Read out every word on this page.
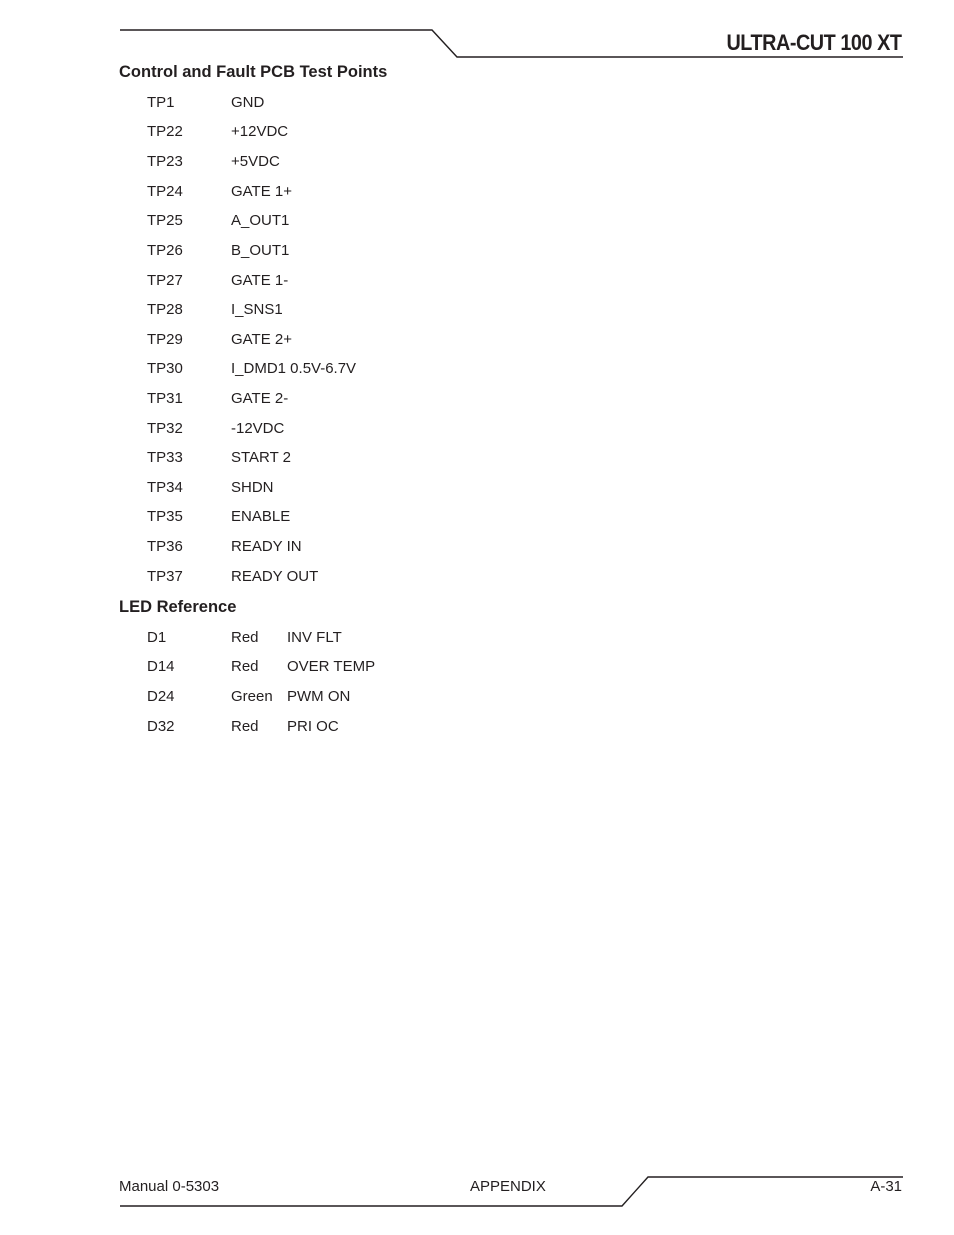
ULTRA-CUT 100 XT
Control and Fault PCB Test Points
TP1	GND
TP22	+12VDC
TP23	+5VDC
TP24	GATE 1+
TP25	A_OUT1
TP26	B_OUT1
TP27	GATE 1-
TP28	I_SNS1
TP29	GATE 2+
TP30	I_DMD1 0.5V-6.7V
TP31	GATE 2-
TP32	-12VDC
TP33	START 2
TP34	SHDN
TP35	ENABLE
TP36	READY IN
TP37	READY OUT
LED Reference
D1	Red INV FLT
D14	Red OVER TEMP
D24	Green PWM ON
D32	Red PRI OC
Manual 0-5303	APPENDIX	A-31
